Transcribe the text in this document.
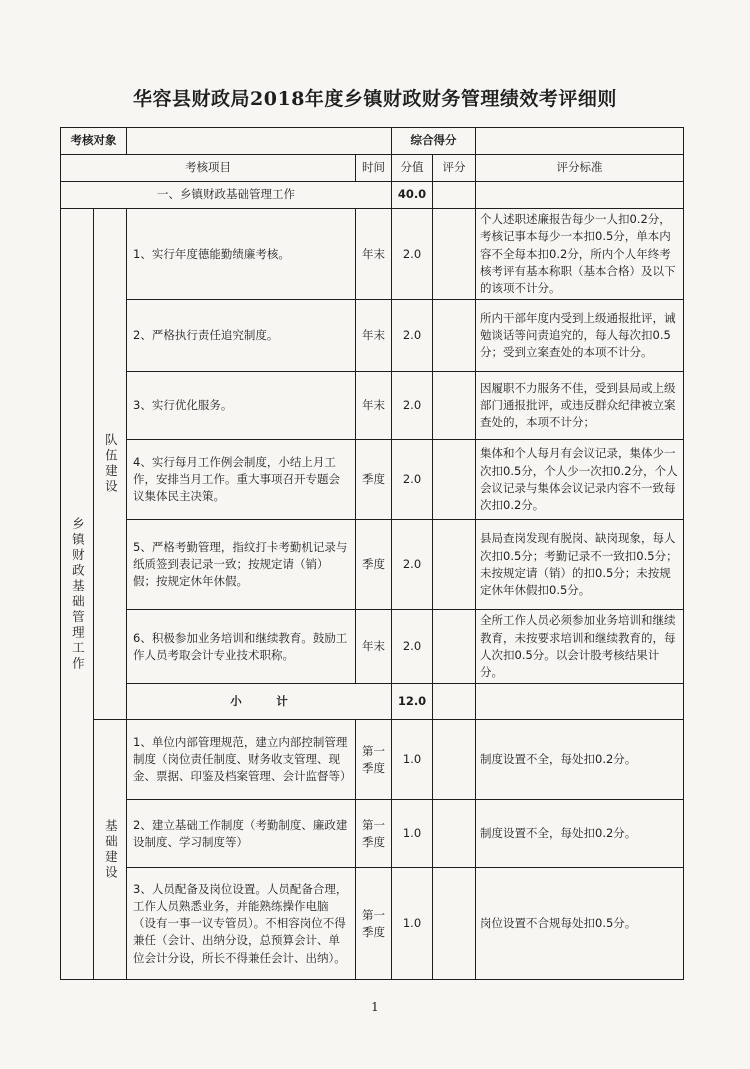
华容县财政局2018年度乡镇财政财务管理绩效考评细则
考核对象				综合得分		
考核项目			时间	分值	评分	评分标准
一、乡镇财政基础管理工作				40.0		

乡镇财政基础管理工作	队伍建设	1、实行年度德能勤绩廉考核。	年末	2.0		个人述职述廉报告每少一人扣0.2分，考核记事本每少一本扣0.5分，单本内容不全每本扣0.2分，所内个人年终考核考评有基本称职（基本合格）及以下的该项不计分。
		2、严格执行责任追究制度。	年末	2.0		所内干部年度内受到上级通报批评，诫勉谈话等问责追究的，每人每次扣0.5分；受到立案查处的本项不计分。
		3、实行优化服务。	年末	2.0		因履职不力服务不佳，受到县局或上级部门通报批评，或违反群众纪律被立案查处的，本项不计分；
		4、实行每月工作例会制度，小结上月工作，安排当月工作。重大事项召开专题会议集体民主决策。	季度	2.0		集体和个人每月有会议记录，集体少一次扣0.5分，个人少一次扣0.2分，个人会议记录与集体会议记录内容不一致每次扣0.2分。
		5、严格考勤管理，指纹打卡考勤机记录与纸质签到表记录一致；按规定请（销）假；按规定休年休假。	季度	2.0		县局查岗发现有脱岗、缺岗现象，每人次扣0.5分；考勤记录不一致扣0.5分；未按规定请（销）的扣0.5分；未按规定休年休假扣0.5分。
		6、积极参加业务培训和继续教育。鼓励工作人员考取会计专业技术职称。	年末	2.0		全所工作人员必须参加业务培训和继续教育，未按要求培训和继续教育的，每人次扣0.5分。以会计股考核结果计分。
		小　　　计		12.0		

	基础建设	1、单位内部管理规范，建立内部控制管理制度（岗位责任制度、财务收支管理、现金、票据、印鉴及档案管理、会计监督等）	第一季度	1.0		制度设置不全，每处扣0.2分。
		2、建立基础工作制度（考勤制度、廉政建设制度、学习制度等）	第一季度	1.0		制度设置不全，每处扣0.2分。
		3、人员配备及岗位设置。人员配备合理，工作人员熟悉业务，并能熟练操作电脑（设有一事一议专管员）。不相容岗位不得兼任（会计、出纳分设，总预算会计、单位会计分设，所长不得兼任会计、出纳）。	第一季度	1.0		岗位设置不合规每处扣0.5分。
1
